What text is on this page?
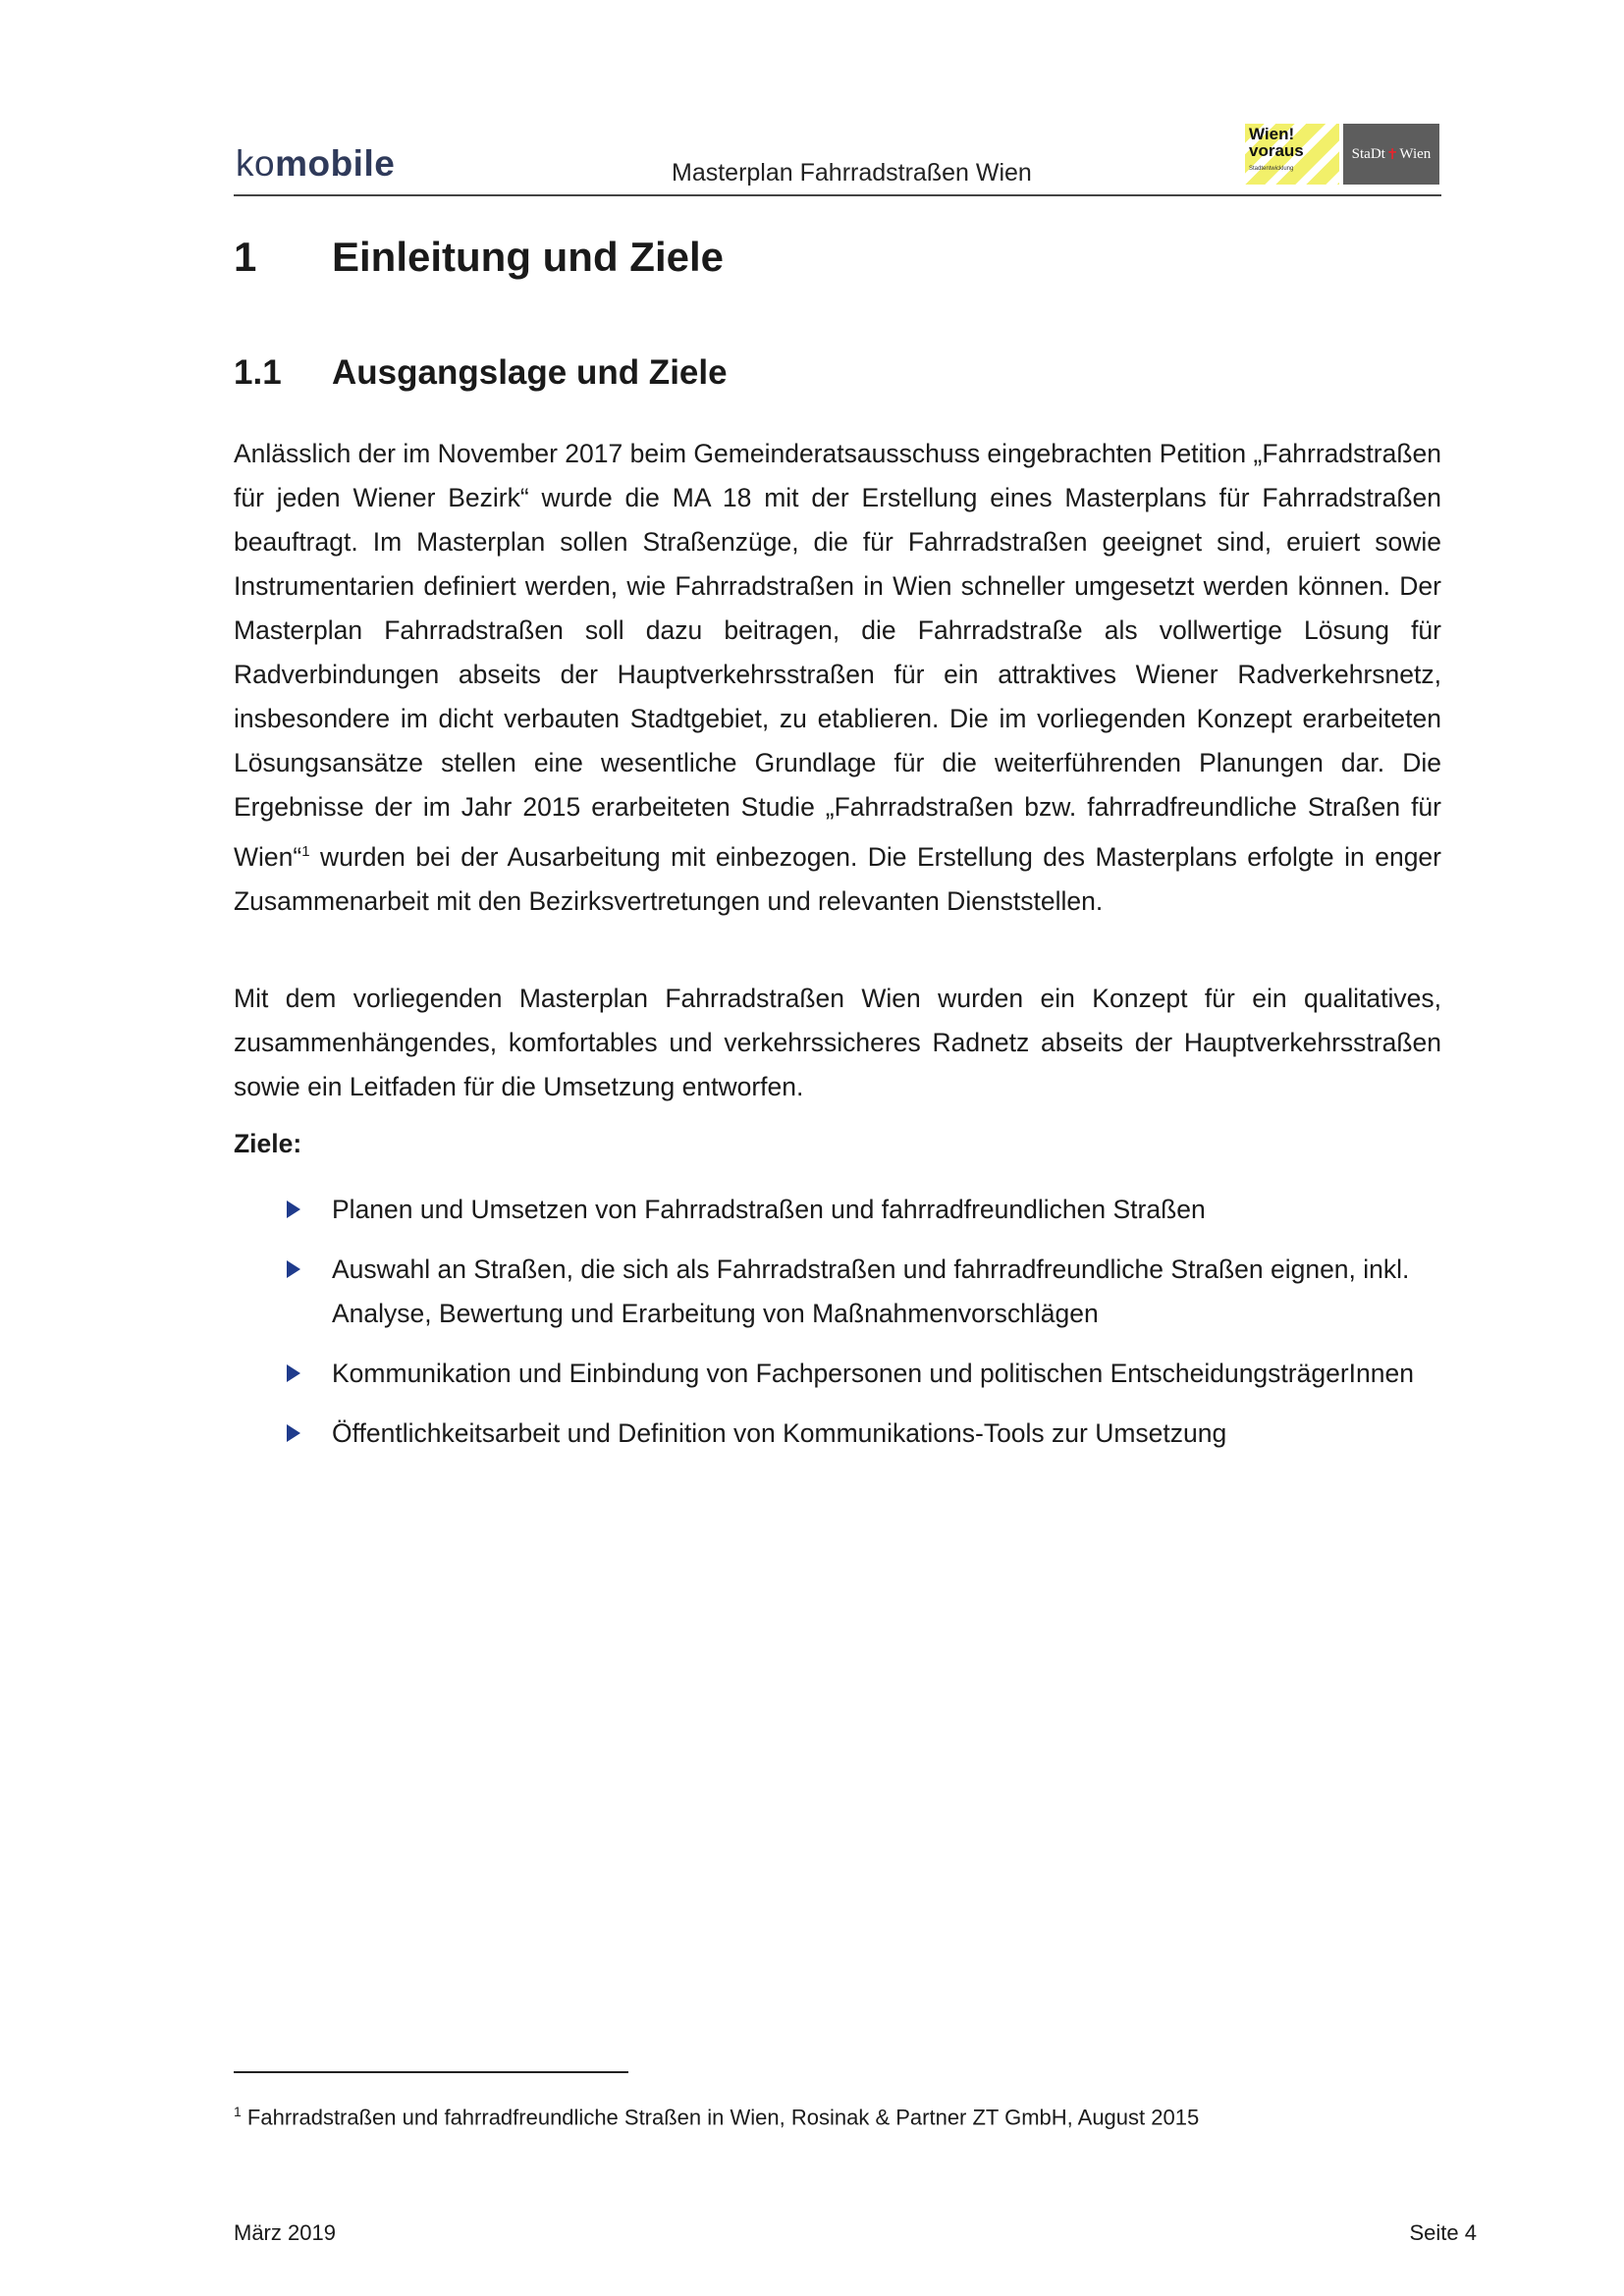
komobile	Masterplan Fahrradstraßen Wien
Wien!
voraus
Stadtentwicklung
StaDt ✝ Wien
1 Einleitung und Ziele
1.1 Ausgangslage und Ziele

Anlässlich der im November 2017 beim Gemeinderatsausschuss eingebrachten Petition „Fahrradstraßen für jeden Wiener Bezirk“ wurde die MA 18 mit der Erstellung eines Masterplans für Fahrradstraßen beauftragt. Im Masterplan sollen Straßenzüge, die für Fahrradstraßen geeignet sind, eruiert sowie Instrumentarien definiert werden, wie Fahrradstraßen in Wien schneller umgesetzt werden können. Der Masterplan Fahrradstraßen soll dazu beitragen, die Fahrradstraße als vollwertige Lösung für Radverbindungen abseits der Hauptverkehrsstraßen für ein attraktives Wiener Radverkehrsnetz, insbesondere im dicht verbauten Stadtgebiet, zu etablieren. Die im vorliegenden Konzept erarbeiteten Lösungsansätze stellen eine wesentliche Grundlage für die weiterführenden Planungen dar. Die Ergebnisse der im Jahr 2015 erarbeiteten Studie „Fahrradstraßen bzw. fahrradfreundliche Straßen für Wien“$^1$ wurden bei der Ausarbeitung mit einbezogen. Die Erstellung des Masterplans erfolgte in enger Zusammenarbeit mit den Bezirksvertretungen und relevanten Dienststellen.

Mit dem vorliegenden Masterplan Fahrradstraßen Wien wurden ein Konzept für ein qualitatives, zusammenhängendes, komfortables und verkehrssicheres Radnetz abseits der Hauptverkehrsstraßen sowie ein Leitfaden für die Umsetzung entworfen.

Ziele:
Planen und Umsetzen von Fahrradstraßen und fahrradfreundlichen Straßen
Auswahl an Straßen, die sich als Fahrradstraßen und fahrradfreundliche Straßen eignen, inkl. Analyse, Bewertung und Erarbeitung von Maßnahmenvorschlägen
Kommunikation und Einbindung von Fachpersonen und politischen EntscheidungsträgerInnen
Öffentlichkeitsarbeit und Definition von Kommunikations-Tools zur Umsetzung
$^1$ Fahrradstraßen und fahrradfreundliche Straßen in Wien, Rosinak & Partner ZT GmbH, August 2015
März 2019	Seite 4
